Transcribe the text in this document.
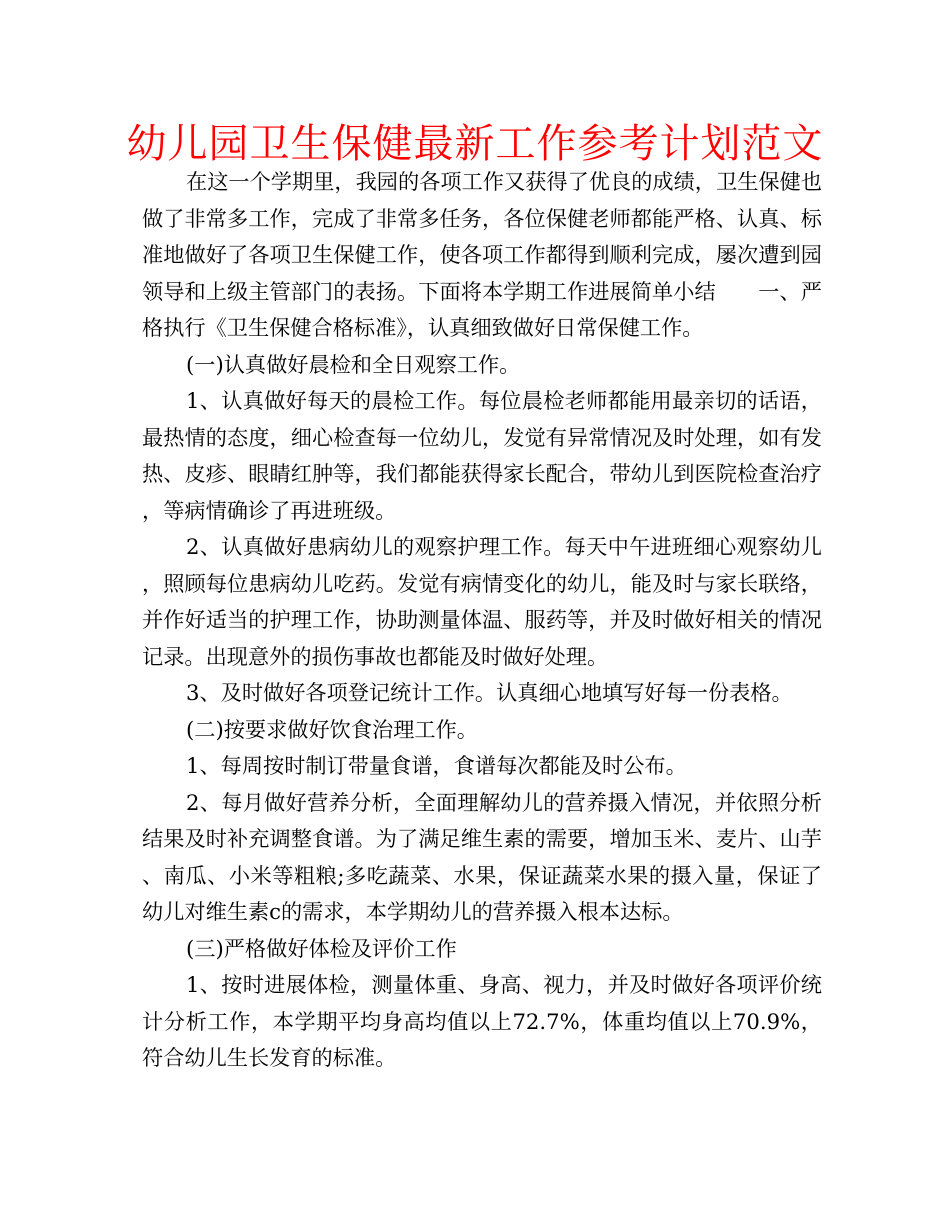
幼儿园卫生保健最新工作参考计划范文

在这一个学期里，我园的各项工作又获得了优良的成绩，卫生保健也做了非常多工作，完成了非常多任务，各位保健老师都能严格、认真、标准地做好了各项卫生保健工作，使各项工作都得到顺利完成，屡次遭到园领导和上级主管部门的表扬。下面将本学期工作进展简单小结　　一、严格执行《卫生保健合格标准》，认真细致做好日常保健工作。

(一)认真做好晨检和全日观察工作。

1、认真做好每天的晨检工作。每位晨检老师都能用最亲切的话语，最热情的态度，细心检查每一位幼儿，发觉有异常情况及时处理，如有发热、皮疹、眼睛红肿等，我们都能获得家长配合，带幼儿到医院检查治疗，等病情确诊了再进班级。

2、认真做好患病幼儿的观察护理工作。每天中午进班细心观察幼儿，照顾每位患病幼儿吃药。发觉有病情变化的幼儿，能及时与家长联络，并作好适当的护理工作，协助测量体温、服药等，并及时做好相关的情况记录。出现意外的损伤事故也都能及时做好处理。

3、及时做好各项登记统计工作。认真细心地填写好每一份表格。

(二)按要求做好饮食治理工作。

1、每周按时制订带量食谱，食谱每次都能及时公布。

2、每月做好营养分析，全面理解幼儿的营养摄入情况，并依照分析结果及时补充调整食谱。为了满足维生素的需要，增加玉米、麦片、山芋、南瓜、小米等粗粮;多吃蔬菜、水果，保证蔬菜水果的摄入量，保证了幼儿对维生素c的需求，本学期幼儿的营养摄入根本达标。

(三)严格做好体检及评价工作

1、按时进展体检，测量体重、身高、视力，并及时做好各项评价统计分析工作，本学期平均身高均值以上72.7%，体重均值以上70.9%，符合幼儿生长发育的标准。
